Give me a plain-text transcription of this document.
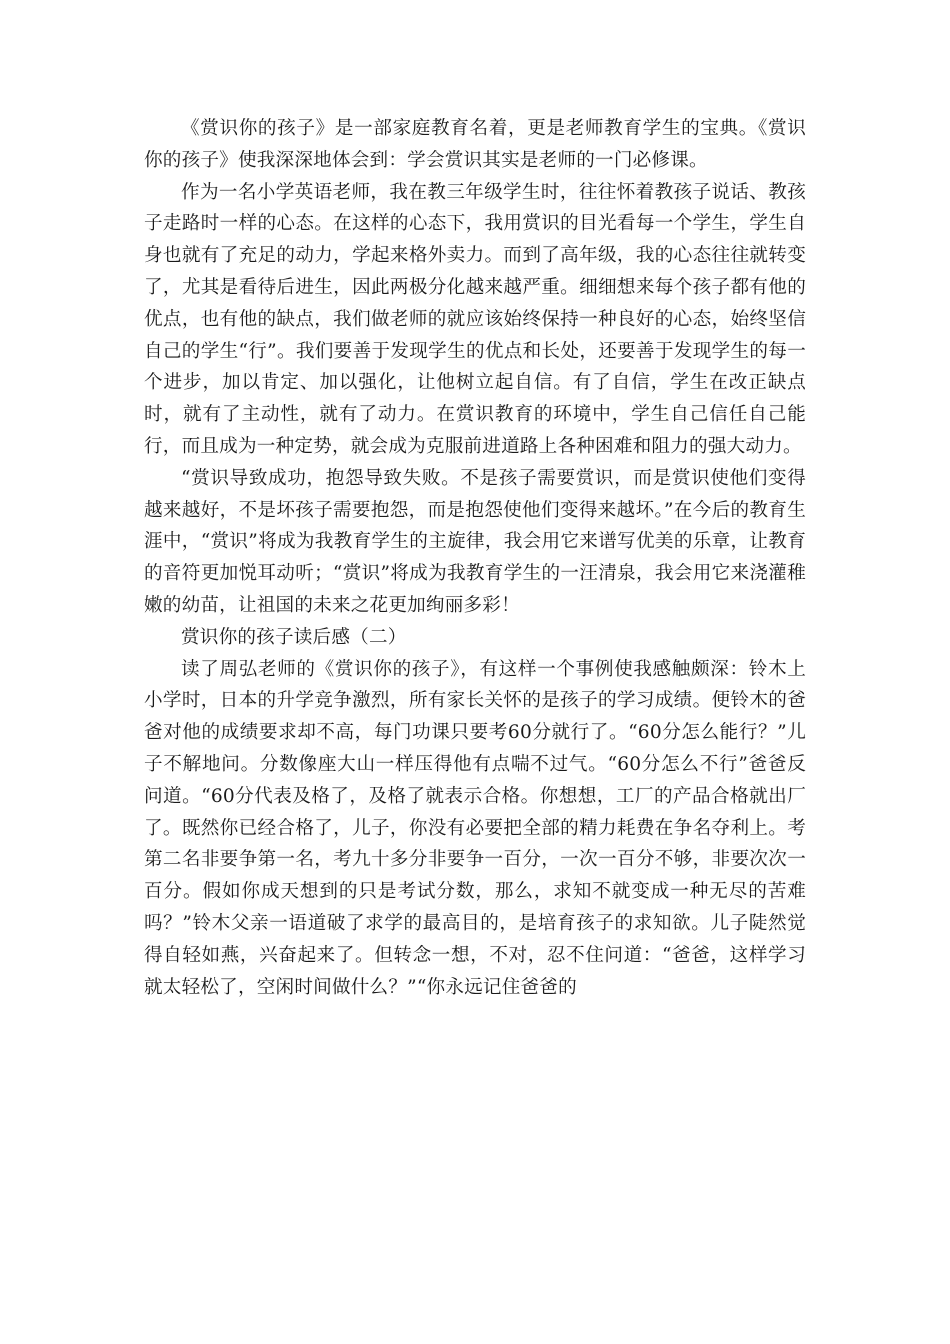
《赏识你的孩子》是一部家庭教育名着，更是老师教育学生的宝典。《赏识你的孩子》使我深深地体会到：学会赏识其实是老师的一门必修课。

作为一名小学英语老师，我在教三年级学生时，往往怀着教孩子说话、教孩子走路时一样的心态。在这样的心态下，我用赏识的目光看每一个学生，学生自身也就有了充足的动力，学起来格外卖力。而到了高年级，我的心态往往就转变了，尤其是看待后进生，因此两极分化越来越严重。细细想来每个孩子都有他的优点，也有他的缺点，我们做老师的就应该始终保持一种良好的心态，始终坚信自己的学生“行”。我们要善于发现学生的优点和长处，还要善于发现学生的每一个进步，加以肯定、加以强化，让他树立起自信。有了自信，学生在改正缺点时，就有了主动性，就有了动力。在赏识教育的环境中，学生自己信任自己能行，而且成为一种定势，就会成为克服前进道路上各种困难和阻力的强大动力。

“赏识导致成功，抱怨导致失败。不是孩子需要赏识，而是赏识使他们变得越来越好，不是坏孩子需要抱怨，而是抱怨使他们变得来越坏。”在今后的教育生涯中，“赏识”将成为我教育学生的主旋律，我会用它来谱写优美的乐章，让教育的音符更加悦耳动听；“赏识”将成为我教育学生的一汪清泉，我会用它来浇灌稚嫩的幼苗，让祖国的未来之花更加绚丽多彩！

赏识你的孩子读后感（二）

读了周弘老师的《赏识你的孩子》，有这样一个事例使我感触颇深：铃木上小学时，日本的升学竞争激烈，所有家长关怀的是孩子的学习成绩。便铃木的爸爸对他的成绩要求却不高，每门功课只要考60分就行了。“60分怎么能行？”儿子不解地问。分数像座大山一样压得他有点喘不过气。“60分怎么不行”爸爸反问道。“60分代表及格了，及格了就表示合格。你想想，工厂的产品合格就出厂了。既然你已经合格了，儿子，你没有必要把全部的精力耗费在争名夺利上。考第二名非要争第一名，考九十多分非要争一百分，一次一百分不够，非要次次一百分。假如你成天想到的只是考试分数，那么，求知不就变成一种无尽的苦难吗？”铃木父亲一语道破了求学的最高目的，是培育孩子的求知欲。儿子陡然觉得自轻如燕，兴奋起来了。但转念一想，不对，忍不住问道：“爸爸，这样学习就太轻松了，空闲时间做什么？”“你永远记住爸爸的
